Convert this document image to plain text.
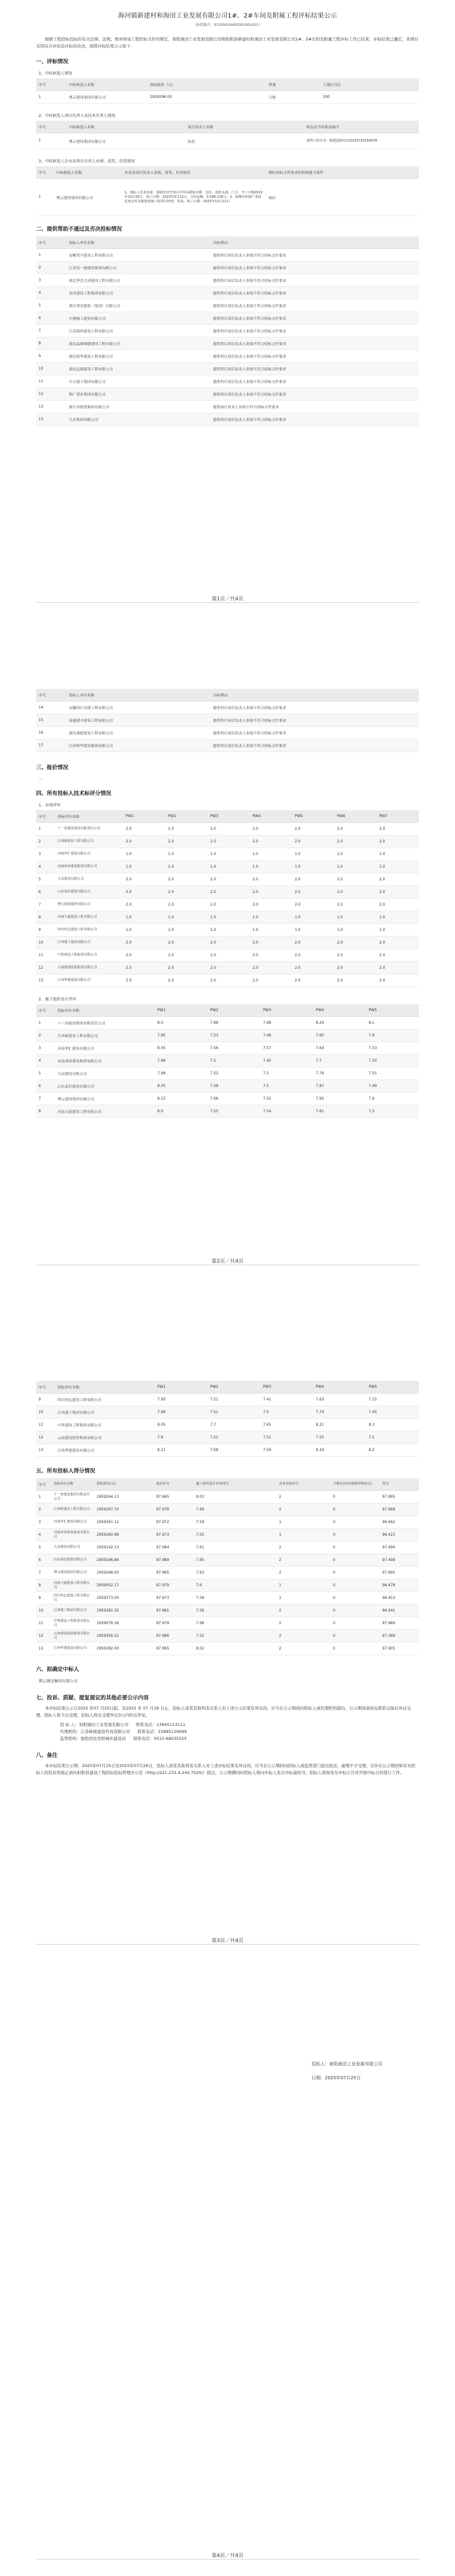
海河镇新建村和海田工业发展有限公司1#、2#车间及附属工程评标结果公示
（标段编号：E3205024405001001001）

根据工程招标投标的有关法律、法规、规章和该工程招标文件的规定，射阳海田工业发展有限公司和射阳县新建村和海田工业发展有限公司1#、2#车间及附属工程评标工作已结束，评标结果已确定，本项目采用综合评估法评标的办法，现将评标结果公示如下：

一、评标情况
1、中标候选人情况
序号	中标候选人名称	投标报价（元）	质量	工期(日历)
1	博云建设集团有限公司	2959296.00	合格	200
2、中标候选人项目负责人及技术负责人情况
序号	中标候选人名称	项目负责人名称	相关证书名称及编号
1	博云建设集团有限公司	朱晨	建筑工程专业一级建造师苏132201720160678
3、中标候选人企业及项目负责人业绩、获奖、信誉情况
序号	中标候选人名称	企业及项目负责人业绩、获奖、信誉情况	响应招标文件要求的资格能力条件
1	博云建设集团有限公司	1、现标人企业业绩：射阳经济开发区中华东路宿舍楼、仓库、消防水池、门卫、开工日期2022年10月20日，竣工日期：2023年5月12日，合同金额：3,596,318元；2、盐城市环保产业园危废仓库及配套设施工程项目经理：朱晨，竣工日期：2023年12月11日	响应
二、提供帮助不通过及否决投标情况
序号	投标人单位名称	否标理由
1	安徽荣丰建设工程有限公司	提供科目项目负责人业绩不符合招标文件要求
2	江苏恒一建建设集团有限公司	提供科目项目负责人业绩不符合招标文件要求
3	湖北华杰大成建设工程有限公司	提供科目项目负责人业绩不符合招标文件要求
4	星河建设工程集团有限公司	提供科目项目负责人业绩不符合招标文件要求
5	重庆琴美建筑（集团）有限公司	提供科目项目负责人业绩不符合招标文件要求
6	中建城工建设有限公司	提供科目项目负责人业绩不符合招标文件要求
7	江苏海祥建设工程有限公司	提供科目项目负责人业绩不符合招标文件要求
8	湖北晶鼎城建建设工程有限公司	提供科目项目负责人业绩不符合招标文件要求
9	湖北明华建设工程有限公司	提供科目项目负责人业绩不符合招标文件要求
10	湖北远瑞建设工程有限公司	提供科目项目负责人业绩不符合招标文件要求
11	中天建工集团有限公司	提供科目项目负责人业绩不符合招标文件要求
12	锦广置业集团有限公司	提供科目项目负责人业绩不符合招标文件要求
13	浙江省建设集团有限公司	提供项目负责人业绩不符合招标文件要求
13	天水集团有限公司	提供科目项目负责人业绩不符合招标文件要求
第1页／共4页
序号	投标人单位名称	否标理由
14	安徽四江河建工程有限公司	提供科目项目负责人业绩不符合招标文件要求
15	南通建丰建设工程有限公司	提供科目项目负责人业绩不符合招标文件要求
16	湖北港建建设工程有限公司	提供科目项目负责人业绩不符合招标文件要求
17	江西明华建设集团有限公司	提供科目项目负责人业绩不符合招标文件要求
三、报价情况
...
四、所有投标人技术标评分情况
1、业绩评审
序号	投标单位名称	PW1	PW2	PW3	PW4	PW5	PW6	PW7
1	十一冶建设集团有限责任公司	2.0	2.0	2.0	2.0	2.0	2.0	2.0
2	江西新建业工程有限公司	2.0	2.0	2.0	2.0	2.0	2.0	2.0
3	河南华汇建设有限公司	1.0	1.0	1.0	1.0	1.0	1.0	1.0
4	河南沐泽建设集团有限公司	1.0	1.0	1.0	1.0	1.0	1.0	1.0
5	九冶建设有限公司	2.0	2.0	2.0	2.0	2.0	2.0	2.0
6	山东泰信建设有限公司	2.0	2.0	2.0	2.0	2.0	2.0	2.0
7	博云建设集团有限公司	2.0	2.0	2.0	2.0	2.0	2.0	2.0
8	河南天道建设工程有限公司	1.0	1.0	1.0	1.0	1.0	1.0	1.0
9	四川恒亿建设工程有限公司	1.0	1.0	1.0	1.0	1.0	1.0	1.0
10	江西建工集团有限公司	2.0	2.0	2.0	2.0	2.0	2.0	2.0
11	中铁建设工程集团有限公司	2.0	2.0	2.0	2.0	2.0	2.0	2.0
12	云南建设投资集团有限公司	2.0	2.0	2.0	2.0	2.0	2.0	2.0
13	江西华建建设有限公司	2.0	2.0	2.0	2.0	2.0	2.0	2.0
2、施工组织设计评审
序号	投标单位名称	PW1	PW2	PW3	PW4	PW5
1	十一冶建设集团有限责任公司	8.0	7.88	7.98	8.29	8.1
2	江西新建业工程有限公司	7.95	7.53	7.46	7.60	7.9
3	河南华汇建设有限公司	8.05	7.56	7.57	7.64	7.33
4	河南沐泽建设集团有限公司	7.96	7.5	7.45	7.7	7.20
5	九冶建设有限公司	7.98	7.52	7.5	7.76	7.55
6	山东泰信建设有限公司	8.05	7.58	7.5	7.87	7.49
7	博云建设集团有限公司	8.15	7.66	7.52	7.92	7.9
8	河南天道建设工程有限公司	8.0	7.55	7.54	7.61	7.3
第2页／共4页
序号	投标单位名称	PW1	PW2	PW3	PW4	PW5
9	四川恒亿建设工程有限公司	7.95	7.51	7.41	7.63	7.25
10	江西建工集团有限公司	7.96	7.51	7.5	7.74	7.45
11	中铁建设工程集团有限公司	8.05	7.7	7.65	8.21	8.3
12	云南建设投资集团有限公司	7.9	7.51	7.51	7.55	7.5
13	江西华建建设有限公司	8.21	7.68	7.59	8.19	8.2
五、所有投标人得分情况
序号	投标单位名称	投标报价(元)	报价评分	施工组织设计评审得分	企业业绩评分	不称信扣分(现场管理扣分)	得分
1	十一冶建设集团有限责任公司	2959264.13	87.965	8.03	2	0	97.995
2	江西新建业工程有限公司	2959287.70	87.978	7.69	2	0	97.668
3	河南华汇建设有限公司	2959361.12	87.972	7.59	1	0	96.462
4	河南沐泽建设集团有限公司	2959260.88	87.973	7.55	1	0	96.423
5	九冶建设有限公司	2959142.13	87.984	7.61	2	0	97.494
6	山东泰信建设有限公司	2959166.86	87.989	7.65	2	0	97.498
7	博云建设集团有限公司	2959296.00	87.965	7.83	2	0	97.695
8	河南天道建设工程有限公司	2959052.17	87.979	7.6	1	0	96.478
9	四川恒亿建设工程有限公司	2959373.00	87.973	7.58	1	0	96.453
10	江西建工集团有限公司	2959382.35	87.981	7.56	2	0	96.441
11	中铁建设工程集团有限公司	2959076.36	87.979	7.98	2	0	97.989
12	云南建设投资集团有限公司	2959356.52	87.966	7.52	2	0	97.388
13	江西华建建设有限公司	2959382.00	87.965	8.02	2	0	97.905
六、拟确定中标人
博云建设集团有限公司
七、投诉、质疑、提复提议的其他必要公示内容

本评标结果公示自2025 年07 月25日起，至2025 年 07 月29 日止，投标人或者其他利害关系人对上述公示结果有异议的，应当在公示期间向招标人或代理机构提出，公示期间请致电联系以保证异议受理。招标人将予以受理，招标人将在受理异议3日内作出答复。

招 标 人：射阳海田工业发展有限公司 联系电话：13645113111
代理机构：江苏峰德建设咨询有限公司 联系电话：15895129099
监管机构：射阳县住房和城乡建设局 联系电话：0515-68035525
八、备注

本评标结果公示期：2025年07月25日至2025年07月29日，投标人或者其他利害关系人对上述评标结果有异议的，应当在公示期间向招标人或监管部门提出投诉，逾期不予受理。另外在公示期间如有对招标人的投诉和指正请向射阳县建设工程招标投标管理办公室（http://221.231.4.242:7020/）提出，公示期满同时招标人将向中标人发出中标通知书，招标人将按发布中标公告并开展中标合同签订工作。

第3页／共4页
招标人：射阳海田工业发展有限公司
日期：2025年07月25日
第4页／共4页
